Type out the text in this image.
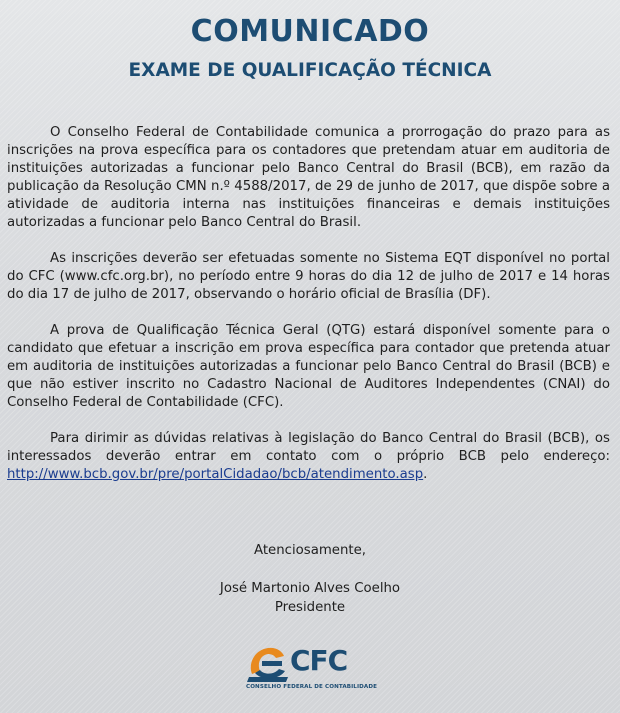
COMUNICADO
EXAME DE QUALIFICAÇÃO TÉCNICA

O Conselho Federal de Contabilidade comunica a prorrogação do prazo para as inscrições na prova específica para os contadores que pretendam atuar em auditoria de instituições autorizadas a funcionar pelo Banco Central do Brasil (BCB), em razão da publicação da Resolução CMN n.º 4588/2017, de 29 de junho de 2017, que dispõe sobre a atividade de auditoria interna nas instituições financeiras e demais instituições autorizadas a funcionar pelo Banco Central do Brasil.

As inscrições deverão ser efetuadas somente no Sistema EQT disponível no portal do CFC (www.cfc.org.br), no período entre 9 horas do dia 12 de julho de 2017 e 14 horas do dia 17 de julho de 2017, observando o horário oficial de Brasília (DF).

A prova de Qualificação Técnica Geral (QTG) estará disponível somente para o candidato que efetuar a inscrição em prova específica para contador que pretenda atuar em auditoria de instituições autorizadas a funcionar pelo Banco Central do Brasil (BCB) e que não estiver inscrito no Cadastro Nacional de Auditores Independentes (CNAI) do Conselho Federal de Contabilidade (CFC).

Para dirimir as dúvidas relativas à legislação do Banco Central do Brasil (BCB), os interessados deverão entrar em contato com o próprio BCB pelo endereço: http://www.bcb.gov.br/pre/portalCidadao/bcb/atendimento.asp.

Atenciosamente,
José Martonio Alves Coelho
Presidente
CFC
CONSELHO FEDERAL DE CONTABILIDADE
